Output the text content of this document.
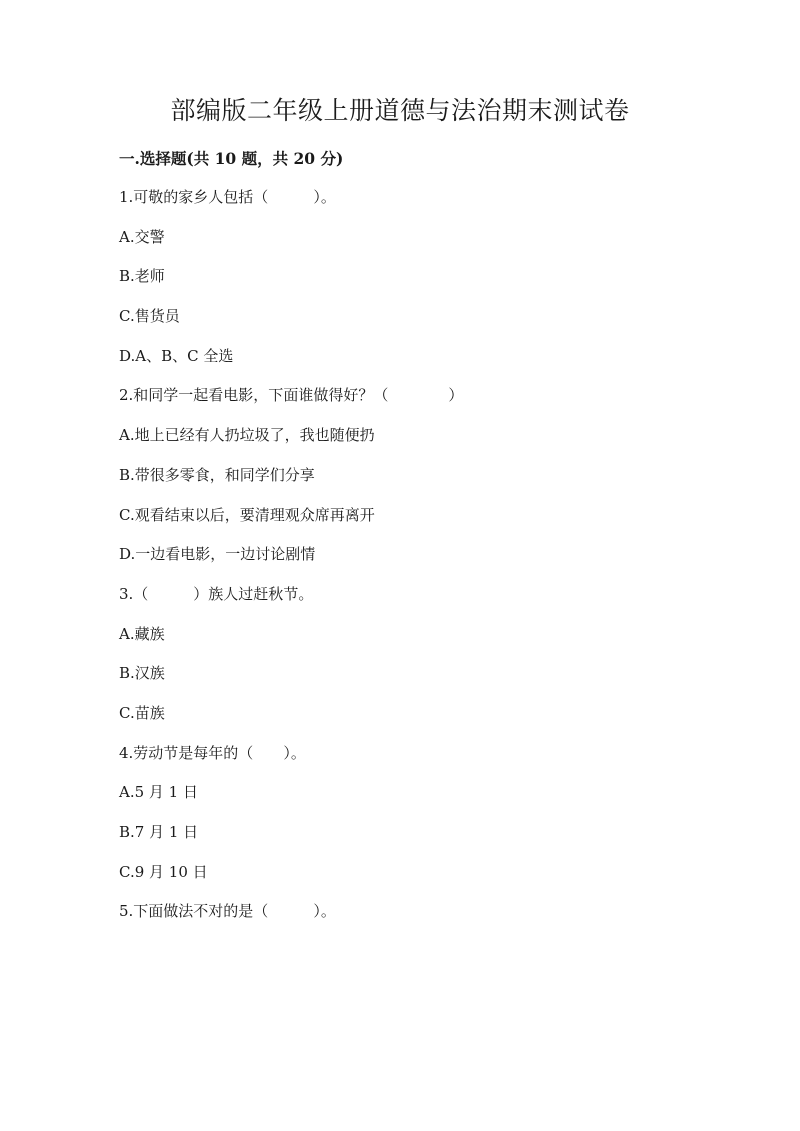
部编版二年级上册道德与法治期末测试卷
一.选择题(共 10 题，共 20 分)
1.可敬的家乡人包括（　　　）。
A.交警
B.老师
C.售货员
D.A、B、C 全选
2.和同学一起看电影，下面谁做得好？（　　　　）
A.地上已经有人扔垃圾了，我也随便扔
B.带很多零食，和同学们分享
C.观看结束以后，要清理观众席再离开
D.一边看电影，一边讨论剧情
3.（　　　）族人过赶秋节。
A.藏族
B.汉族
C.苗族
4.劳动节是每年的（　　）。
A.5 月 1 日
B.7 月 1 日
C.9 月 10 日
5.下面做法不对的是（　　　）。
